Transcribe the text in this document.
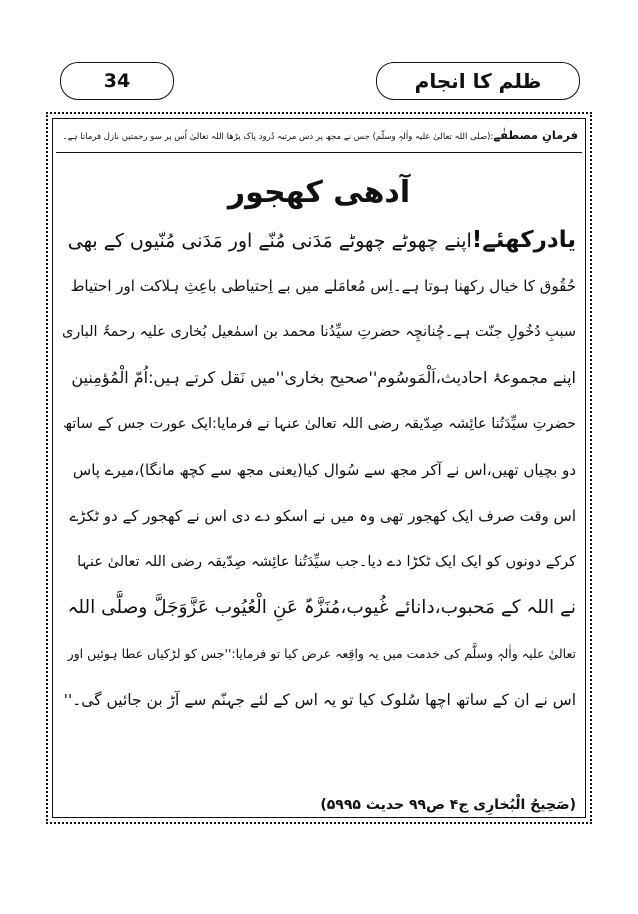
34	ظلم کا انجام
فرمانِ مصطفٰے:(صلی اللہ تعالیٰ علیہ واٰلہٖ وسلّم) جس نے مجھ پر دس مرتبہ دُرود پاک پڑھا اللہ تعالیٰ اُس پر سو رحمتیں نازل فرماتا ہے۔
آدھی کھجور
یادرکھئے!اپنے چھوٹے چھوٹے مَدَنی مُنّے اور مَدَنی مُنّیوں کے بھی
حُقُوق کا خیال رکھنا ہوتا ہے۔اِس مُعامَلے میں بے اِحتیاطی باعِثِ ہلاکت اور احتیاط
سببِ دُخُولِ جنّت ہے۔چُنانچِہ حضرتِ سیِّدُنا محمد بن اسمٰعیل بُخاری علیہ رحمۃُ الباری
اپنے مجموعۂ احادیث،اَلْمَوسُوم''صحیح بخاری''میں نَقل کرتے ہیں:اُمّ الْمُؤمِنین
حضرتِ سیِّدَتُنا عائِشہ صِدّیقہ رضی اللہ تعالیٰ عنہا نے فرمایا:ایک عورت جس کے ساتھ
دو بچیاں تھیں،اس نے آکر مجھ سے سُوال کیا(یعنی مجھ سے کچھ مانگا)،میرے پاس
اس وقت صرف ایک کھجور تھی وہ میں نے اسکو دے دی اس نے کھجور کے دو ٹکڑے
کرکے دونوں کو ایک ایک ٹکڑا دے دیا۔جب سیِّدَتُنا عائِشہ صِدّیقہ رضی اللہ تعالیٰ عنہا
نے اللہ کے مَحبوب،دانائے غُیوب،مُنَزَّہٌ عَنِ الْعُیُوب عَزَّوَجَلَّ وصلَّی اللہ
تعالیٰ علیہ واٰلہٖ وسلَّم کی خدمت میں یہ واقِعہ عرض کیا تو فرمایا:''جس کو لڑکیاں عطا ہوئیں اور
اس نے ان کے ساتھ اچھا سُلوک کیا تو یہ اس کے لئے جہنّم سے آڑ بن جائیں گی۔''
(صَحِیحُ الْبُخارِی ج۴ ص۹۹ حدیث ۵۹۹۵)
